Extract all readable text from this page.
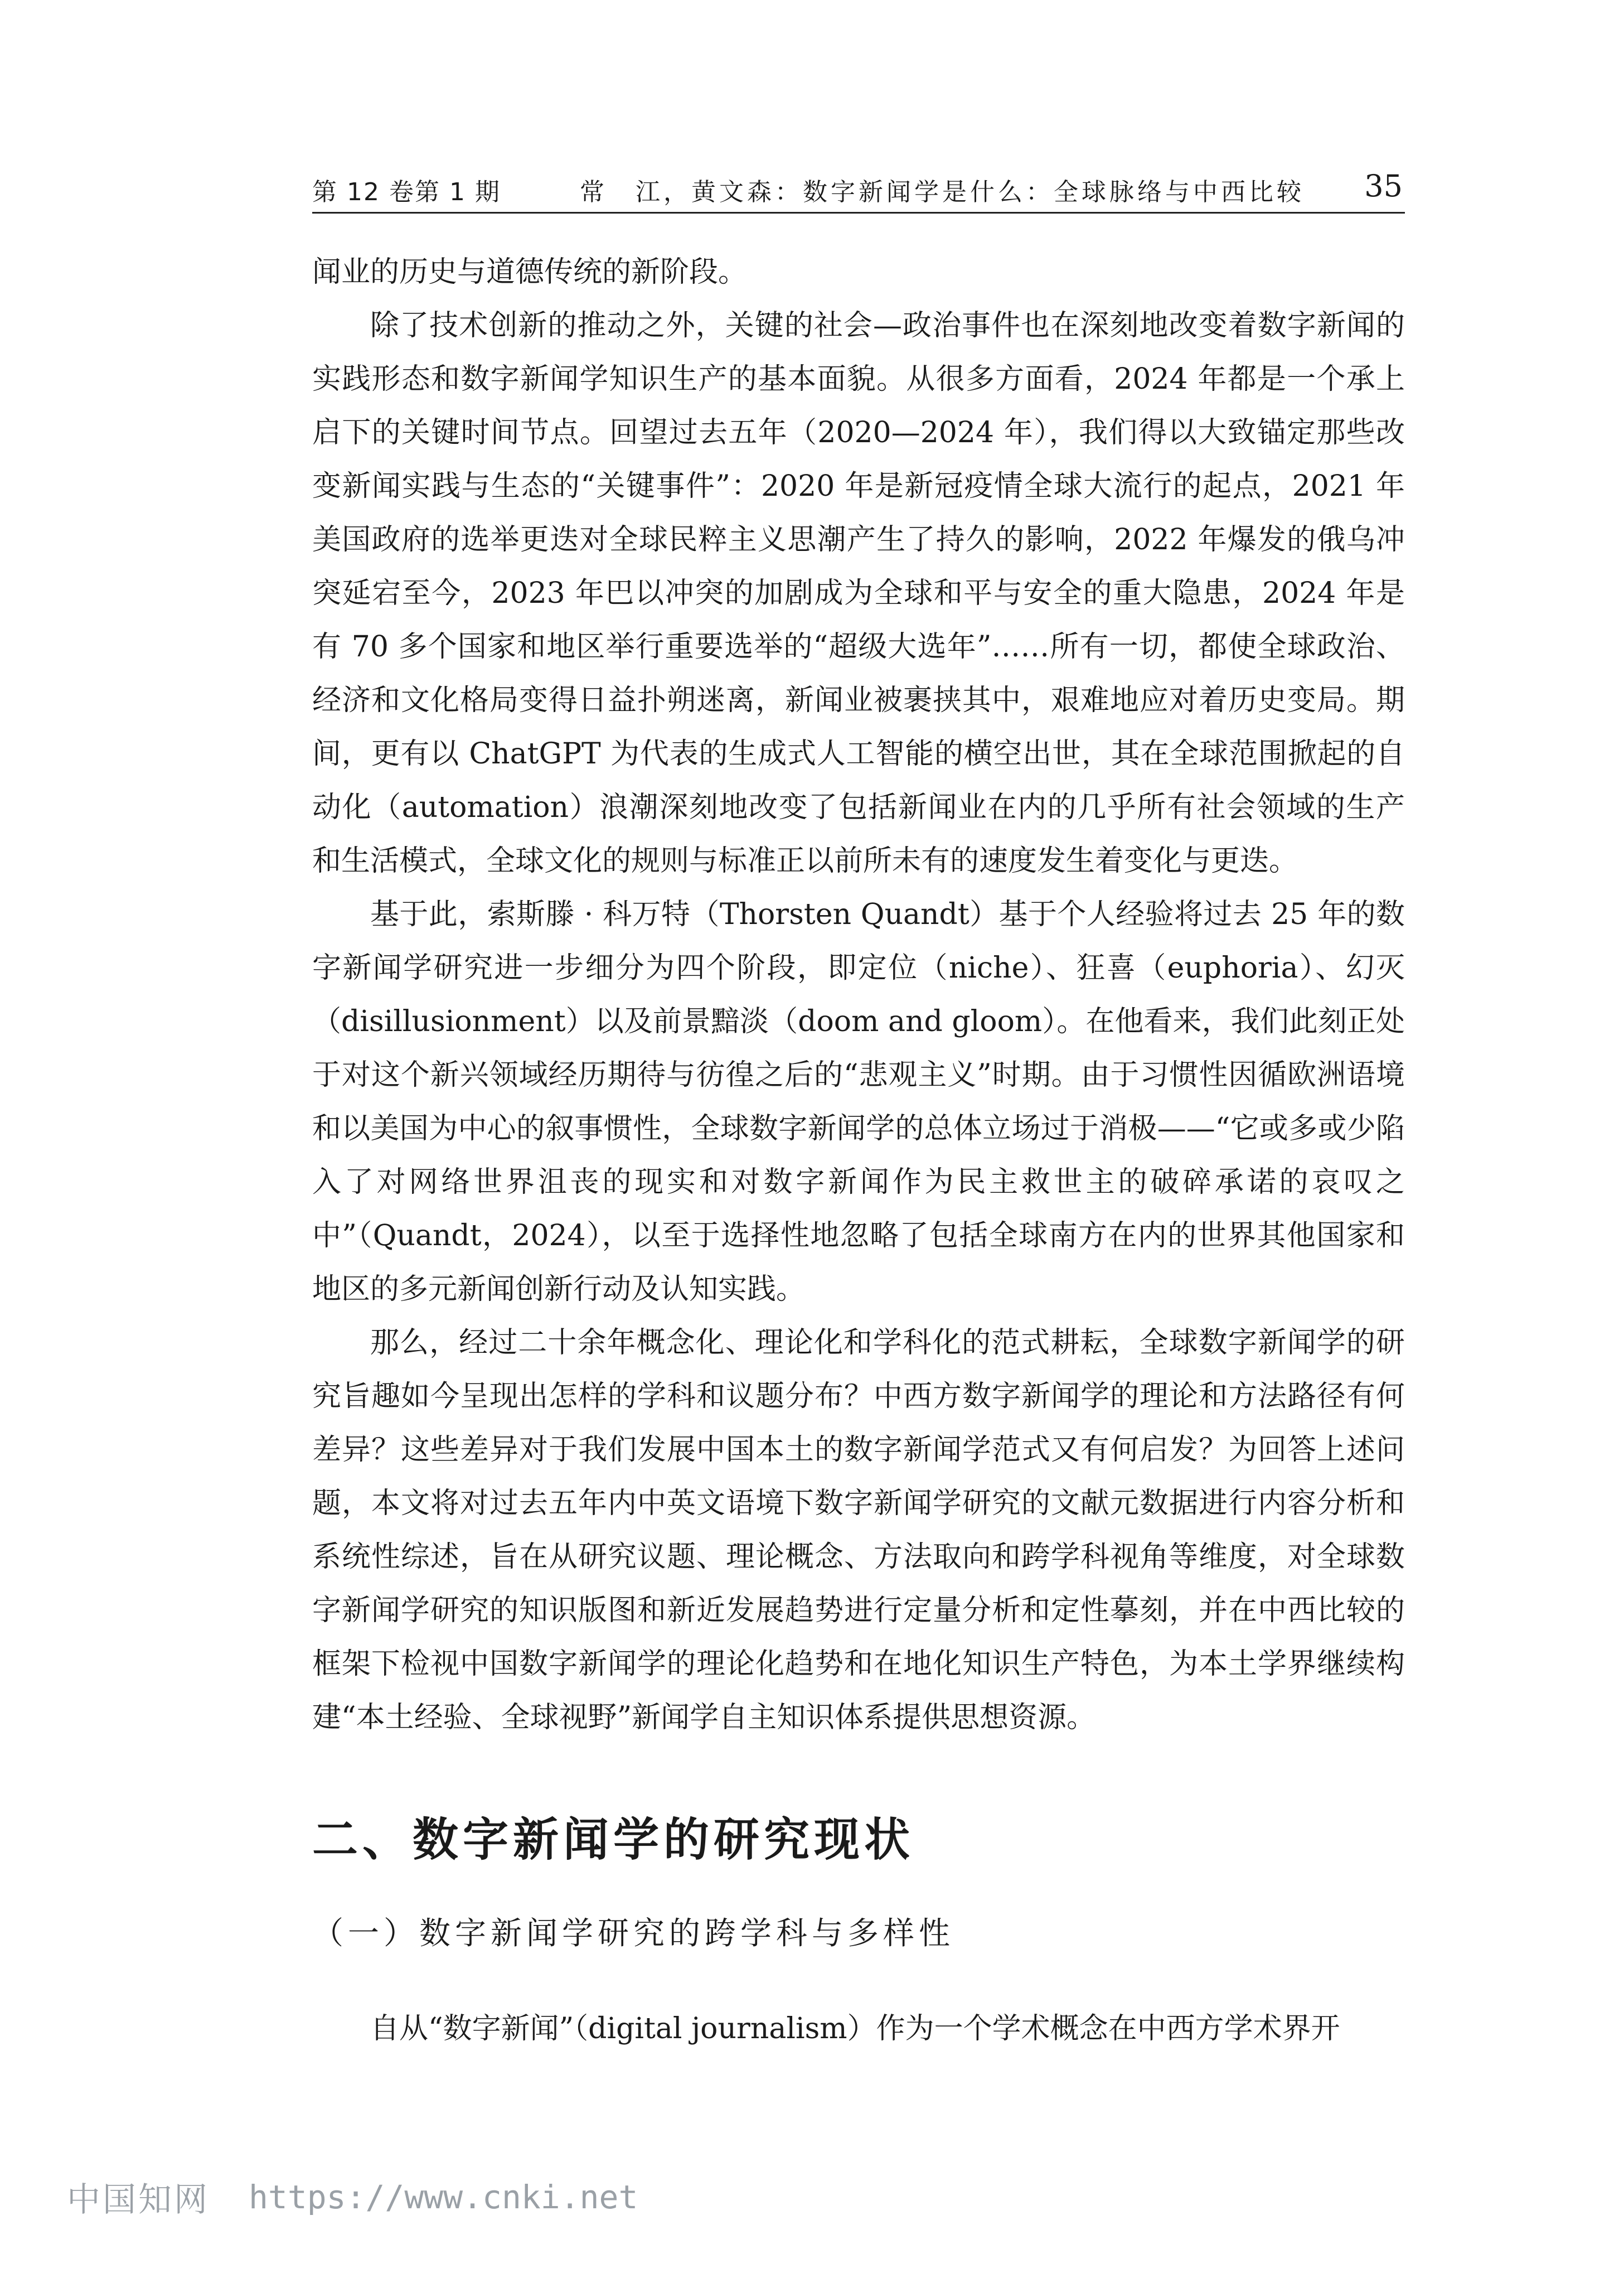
第 12 卷第 1 期	常　江，黄文森：数字新闻学是什么：全球脉络与中西比较 35

闻业的历史与道德传统的新阶段。

除了技术创新的推动之外，关键的社会—政治事件也在深刻地改变着数字新闻的实践形态和数字新闻学知识生产的基本面貌。从很多方面看，2024 年都是一个承上启下的关键时间节点。回望过去五年（2020—2024 年），我们得以大致锚定那些改变新闻实践与生态的“关键事件”：2020 年是新冠疫情全球大流行的起点，2021 年美国政府的选举更迭对全球民粹主义思潮产生了持久的影响，2022 年爆发的俄乌冲突延宕至今，2023 年巴以冲突的加剧成为全球和平与安全的重大隐患，2024 年是有 70 多个国家和地区举行重要选举的“超级大选年”……所有一切，都使全球政治、经济和文化格局变得日益扑朔迷离，新闻业被裹挟其中，艰难地应对着历史变局。期间，更有以 ChatGPT 为代表的生成式人工智能的横空出世，其在全球范围掀起的自动化（automation）浪潮深刻地改变了包括新闻业在内的几乎所有社会领域的生产和生活模式，全球文化的规则与标准正以前所未有的速度发生着变化与更迭。

基于此，索斯滕 · 科万特（Thorsten Quandt）基于个人经验将过去 25 年的数字新闻学研究进一步细分为四个阶段，即定位（niche）、狂喜（euphoria）、幻灭（disillusionment）以及前景黯淡（doom and gloom）。在他看来，我们此刻正处于对这个新兴领域经历期待与彷徨之后的“悲观主义”时期。由于习惯性因循欧洲语境和以美国为中心的叙事惯性，全球数字新闻学的总体立场过于消极——“它或多或少陷入了对网络世界沮丧的现实和对数字新闻作为民主救世主的破碎承诺的哀叹之中”（Quandt，2024），以至于选择性地忽略了包括全球南方在内的世界其他国家和地区的多元新闻创新行动及认知实践。

那么，经过二十余年概念化、理论化和学科化的范式耕耘，全球数字新闻学的研究旨趣如今呈现出怎样的学科和议题分布？中西方数字新闻学的理论和方法路径有何差异？这些差异对于我们发展中国本土的数字新闻学范式又有何启发？为回答上述问题，本文将对过去五年内中英文语境下数字新闻学研究的文献元数据进行内容分析和系统性综述，旨在从研究议题、理论概念、方法取向和跨学科视角等维度，对全球数字新闻学研究的知识版图和新近发展趋势进行定量分析和定性摹刻，并在中西比较的框架下检视中国数字新闻学的理论化趋势和在地化知识生产特色，为本土学界继续构建“本土经验、全球视野”新闻学自主知识体系提供思想资源。

二、数字新闻学的研究现状
（一）数字新闻学研究的跨学科与多样性
自从“数字新闻”（digital journalism）作为一个学术概念在中西方学术界开
中国知网 https://www.cnki.net
